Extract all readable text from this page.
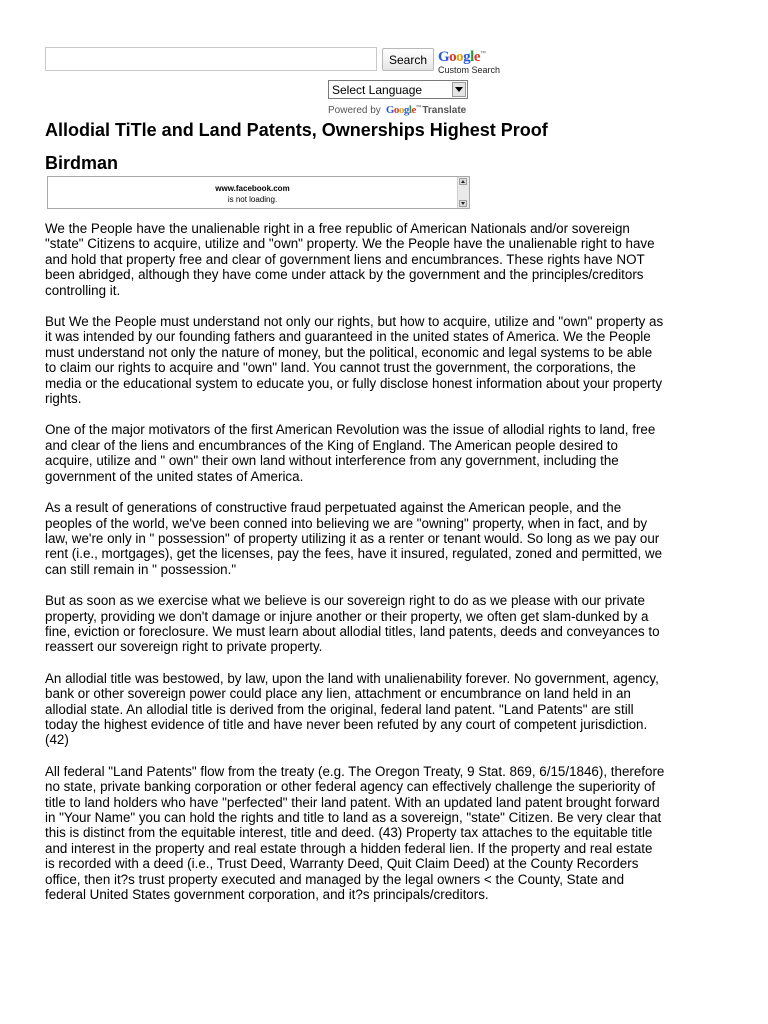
Search Google™
Custom Search
Select Language
Powered by Google™ Translate
Allodial TiTle and Land Patents, Ownerships Highest Proof
Birdman
www.facebook.com
is not loading.

We the People have the unalienable right in a free republic of American Nationals and/or sovereign "state" Citizens to acquire, utilize and "own" property. We the People have the unalienable right to have and hold that property free and clear of government liens and encumbrances. These rights have NOT been abridged, although they have come under attack by the government and the principles/creditors controlling it.

But We the People must understand not only our rights, but how to acquire, utilize and "own" property as it was intended by our founding fathers and guaranteed in the united states of America. We the People must understand not only the nature of money, but the political, economic and legal systems to be able to claim our rights to acquire and "own" land. You cannot trust the government, the corporations, the media or the educational system to educate you, or fully disclose honest information about your property rights.

One of the major motivators of the first American Revolution was the issue of allodial rights to land, free and clear of the liens and encumbrances of the King of England. The American people desired to acquire, utilize and " own" their own land without interference from any government, including the government of the united states of America.

As a result of generations of constructive fraud perpetuated against the American people, and the peoples of the world, we've been conned into believing we are "owning" property, when in fact, and by law, we're only in " possession" of property utilizing it as a renter or tenant would. So long as we pay our rent (i.e., mortgages), get the licenses, pay the fees, have it insured, regulated, zoned and permitted, we can still remain in " possession."

But as soon as we exercise what we believe is our sovereign right to do as we please with our private property, providing we don't damage or injure another or their property, we often get slam-dunked by a fine, eviction or foreclosure. We must learn about allodial titles, land patents, deeds and conveyances to reassert our sovereign right to private property.

An allodial title was bestowed, by law, upon the land with unalienability forever. No government, agency, bank or other sovereign power could place any lien, attachment or encumbrance on land held in an allodial state. An allodial title is derived from the original, federal land patent. "Land Patents" are still today the highest evidence of title and have never been refuted by any court of competent jurisdiction. (42)

All federal "Land Patents" flow from the treaty (e.g. The Oregon Treaty, 9 Stat. 869, 6/15/1846), therefore no state, private banking corporation or other federal agency can effectively challenge the superiority of title to land holders who have "perfected" their land patent. With an updated land patent brought forward in "Your Name" you can hold the rights and title to land as a sovereign, "state" Citizen. Be very clear that this is distinct from the equitable interest, title and deed. (43) Property tax attaches to the equitable title and interest in the property and real estate through a hidden federal lien. If the property and real estate is recorded with a deed (i.e., Trust Deed, Warranty Deed, Quit Claim Deed) at the County Recorders office, then it?s trust property executed and managed by the legal owners < the County, State and federal United States government corporation, and it?s principals/creditors.
